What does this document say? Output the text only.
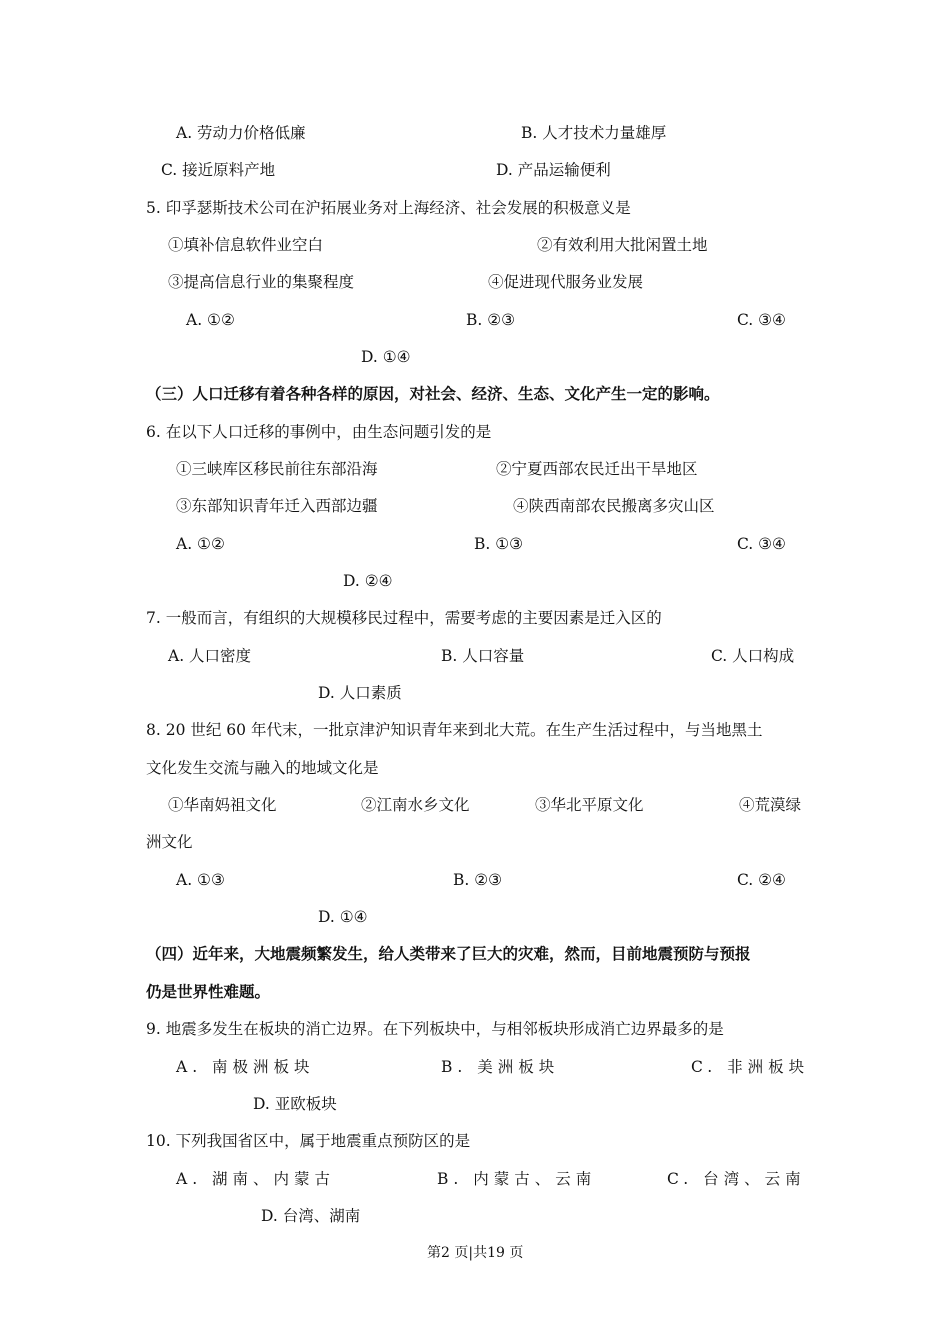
A. 劳动力价格低廉	B. 人才技术力量雄厚
C. 接近原料产地	D. 产品运输便利
5. 印孚瑟斯技术公司在沪拓展业务对上海经济、社会发展的积极意义是
①填补信息软件业空白	②有效利用大批闲置土地
③提高信息行业的集聚程度	④促进现代服务业发展
A. ①②	B. ②③	C. ③④
D. ①④
（三）人口迁移有着各种各样的原因，对社会、经济、生态、文化产生一定的影响。
6. 在以下人口迁移的事例中，由生态问题引发的是
①三峡库区移民前往东部沿海	②宁夏西部农民迁出干旱地区
③东部知识青年迁入西部边疆	④陕西南部农民搬离多灾山区
A. ①②	B. ①③	C. ③④
D. ②④
7. 一般而言，有组织的大规模移民过程中，需要考虑的主要因素是迁入区的
A. 人口密度	B. 人口容量	C. 人口构成
D. 人口素质
8. 20 世纪 60 年代末，一批京津沪知识青年来到北大荒。在生产生活过程中，与当地黑土
文化发生交流与融入的地域文化是
①华南妈祖文化	②江南水乡文化	③华北平原文化	④荒漠绿
洲文化
A. ①③	B. ②③	C. ②④
D. ①④
（四）近年来，大地震频繁发生，给人类带来了巨大的灾难，然而，目前地震预防与预报
仍是世界性难题。
9. 地震多发生在板块的消亡边界。在下列板块中，与相邻板块形成消亡边界最多的是
A. 南极洲板块	B. 美洲板块	C. 非洲板块
D. 亚欧板块
10. 下列我国省区中，属于地震重点预防区的是
A. 湖南、内蒙古	B. 内蒙古、云南	C. 台湾、云南
D. 台湾、湖南
第2 页|共19 页
